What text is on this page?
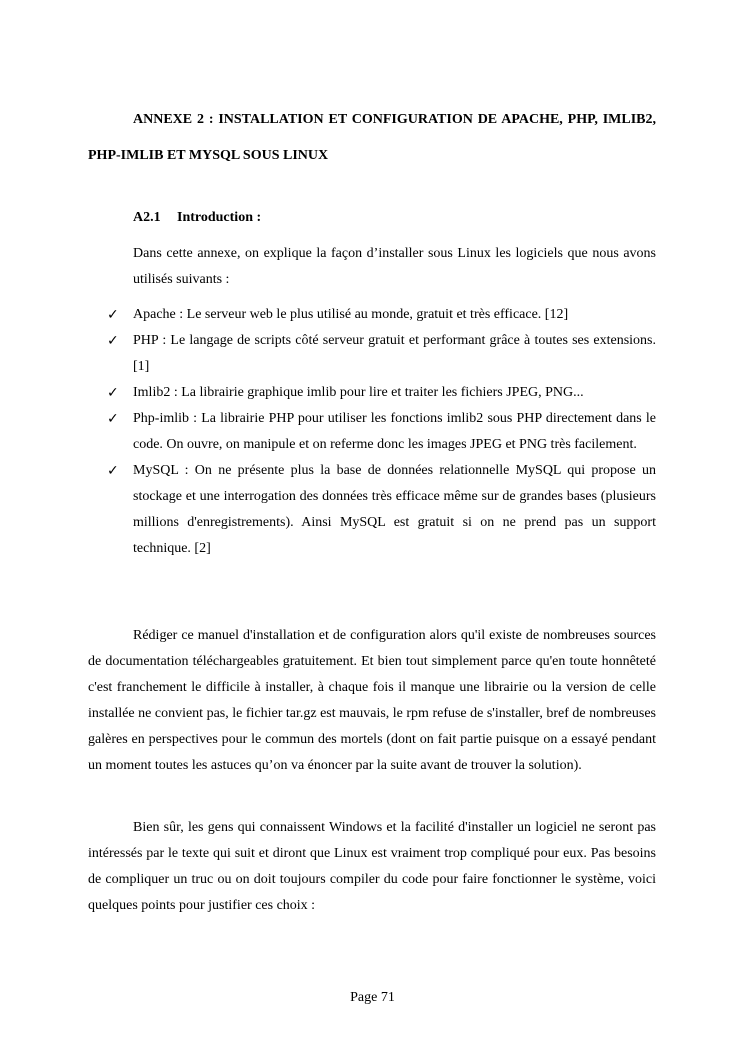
ANNEXE 2 : INSTALLATION ET CONFIGURATION DE APACHE, PHP, IMLIB2, PHP-IMLIB ET MYSQL SOUS LINUX
A2.1 Introduction :

Dans cette annexe, on explique la façon d’installer sous Linux les logiciels que nous avons utilisés suivants :

✓ Apache : Le serveur web le plus utilisé au monde, gratuit et très efficace. [12]
✓ PHP : Le langage de scripts côté serveur gratuit et performant grâce à toutes ses extensions. [1]
✓ Imlib2 : La librairie graphique imlib pour lire et traiter les fichiers JPEG, PNG...
✓ Php-imlib : La librairie PHP pour utiliser les fonctions imlib2 sous PHP directement dans le code. On ouvre, on manipule et on referme donc les images JPEG et PNG très facilement.
✓ MySQL : On ne présente plus la base de données relationnelle MySQL qui propose un stockage et une interrogation des données très efficace même sur de grandes bases (plusieurs millions d'enregistrements). Ainsi MySQL est gratuit si on ne prend pas un support technique. [2]

Rédiger ce manuel d'installation et de configuration alors qu'il existe de nombreuses sources de documentation téléchargeables gratuitement. Et bien tout simplement parce qu'en toute honnêteté c'est franchement le difficile à installer, à chaque fois il manque une librairie ou la version de celle installée ne convient pas, le fichier tar.gz est mauvais, le rpm refuse de s'installer, bref de nombreuses galères en perspectives pour le commun des mortels (dont on fait partie puisque on a essayé pendant un moment toutes les astuces qu’on va énoncer par la suite avant de trouver la solution).

Bien sûr, les gens qui connaissent Windows et la facilité d'installer un logiciel ne seront pas intéressés par le texte qui suit et diront que Linux est vraiment trop compliqué pour eux. Pas besoins de compliquer un truc ou on doit toujours compiler du code pour faire fonctionner le système, voici quelques points pour justifier ces choix :

Page 71
